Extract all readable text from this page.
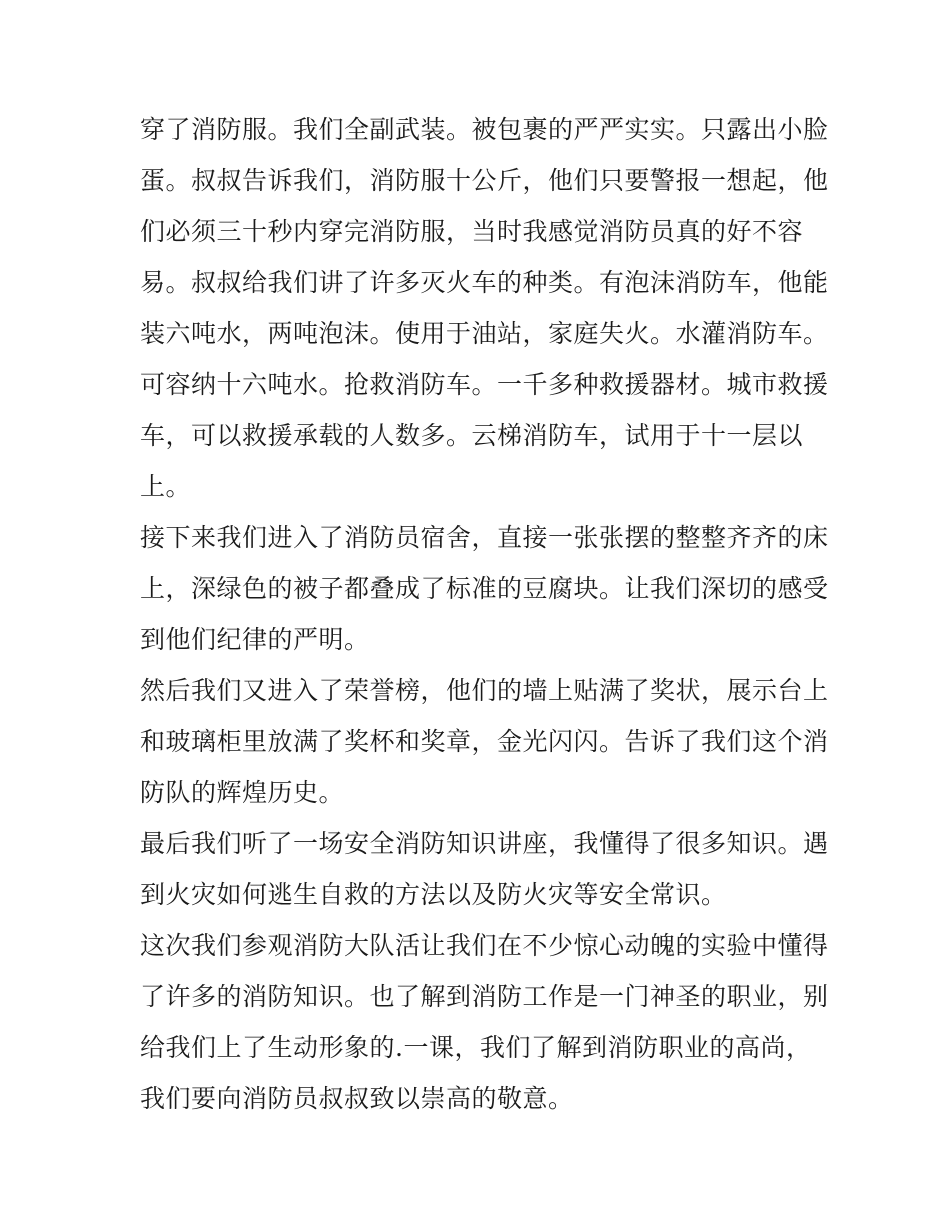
穿了消防服。我们全副武装。被包裹的严严实实。只露出小脸
蛋。叔叔告诉我们，消防服十公斤，他们只要警报一想起，他
们必须三十秒内穿完消防服，当时我感觉消防员真的好不容
易。叔叔给我们讲了许多灭火车的种类。有泡沫消防车，他能
装六吨水，两吨泡沫。使用于油站，家庭失火。水灌消防车。
可容纳十六吨水。抢救消防车。一千多种救援器材。城市救援
车，可以救援承载的人数多。云梯消防车，试用于十一层以
上。
接下来我们进入了消防员宿舍，直接一张张摆的整整齐齐的床
上，深绿色的被子都叠成了标准的豆腐块。让我们深切的感受
到他们纪律的严明。
然后我们又进入了荣誉榜，他们的墙上贴满了奖状，展示台上
和玻璃柜里放满了奖杯和奖章，金光闪闪。告诉了我们这个消
防队的辉煌历史。
最后我们听了一场安全消防知识讲座，我懂得了很多知识。遇
到火灾如何逃生自救的方法以及防火灾等安全常识。
这次我们参观消防大队活让我们在不少惊心动魄的实验中懂得
了许多的消防知识。也了解到消防工作是一门神圣的职业，别
给我们上了生动形象的.一课，我们了解到消防职业的高尚，
我们要向消防员叔叔致以崇高的敬意。
